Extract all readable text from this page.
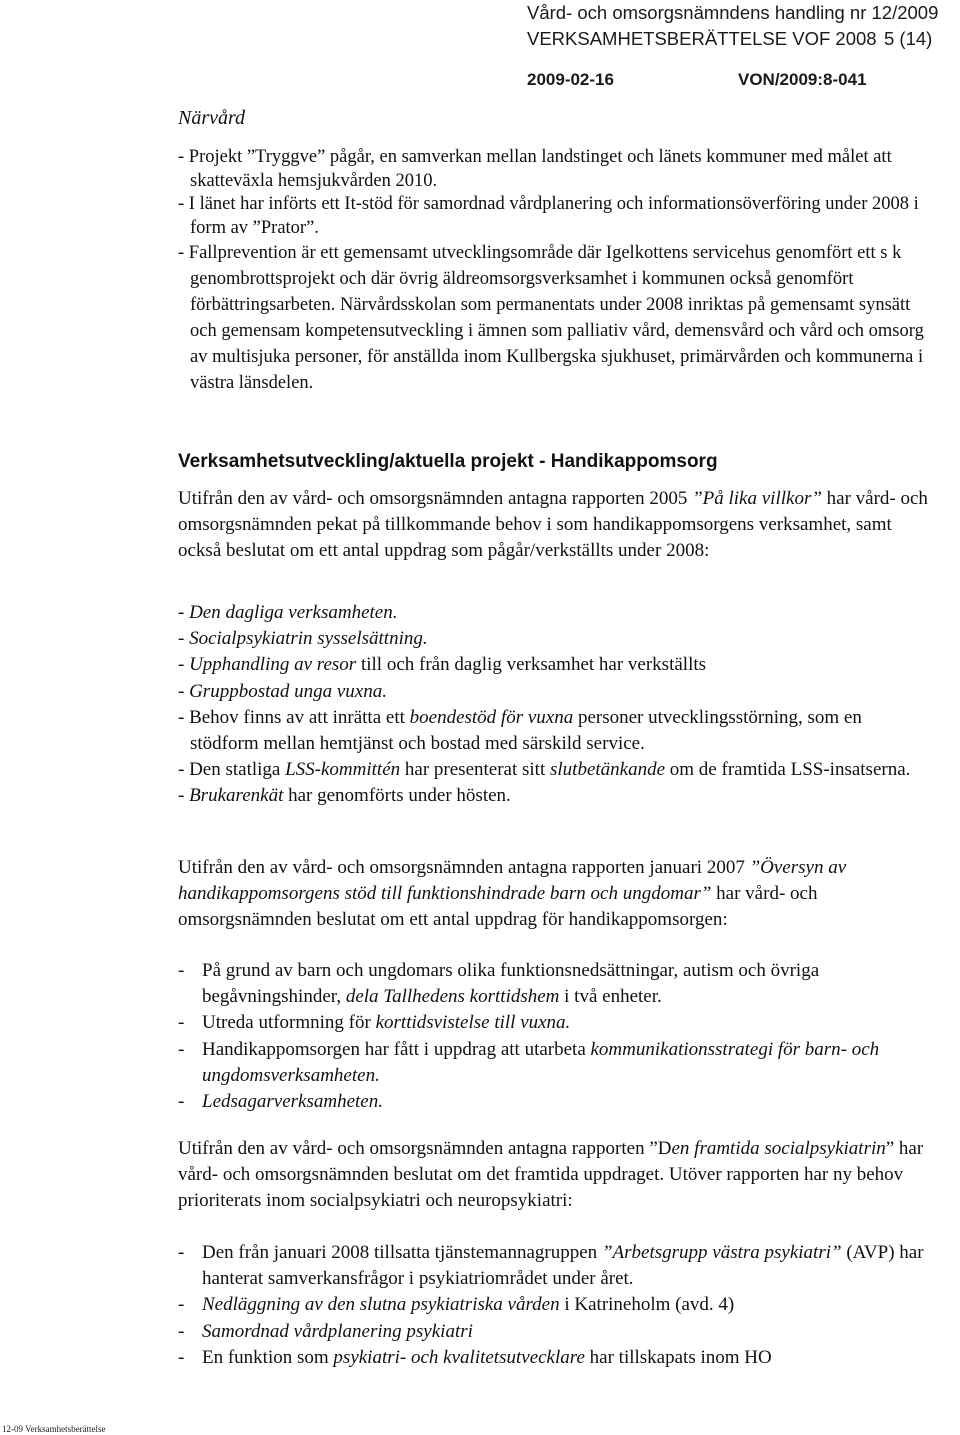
Vård- och omsorgsnämndens handling nr 12/2009
VERKSAMHETSBERÄTTELSE VOF 2008 5 (14)
2009-02-16	VON/2009:8-041
Närvård

- Projekt ”Tryggve” pågår, en samverkan mellan landstinget och länets kommuner med målet att skatteväxla hemsjukvården 2010.

- I länet har införts ett It-stöd för samordnad vårdplanering och informationsöverföring under 2008 i form av ”Prator”.

- Fallprevention är ett gemensamt utvecklingsområde där Igelkottens servicehus genomfört ett s k genombrottsprojekt och där övrig äldreomsorgsverksamhet i kommunen också genomfört förbättringsarbeten. Närvårdsskolan som permanentats under 2008 inriktas på gemensamt synsätt och gemensam kompetensutveckling i ämnen som palliativ vård, demensvård och vård och omsorg av multisjuka personer, för anställda inom Kullbergska sjukhuset, primärvården och kommunerna i västra länsdelen.

Verksamhetsutveckling/aktuella projekt - Handikappomsorg

Utifrån den av vård- och omsorgsnämnden antagna rapporten 2005 ”På lika villkor” har vård- och omsorgsnämnden pekat på tillkommande behov i som handikappomsorgens verksamhet, samt också beslutat om ett antal uppdrag som pågår/verkställts under 2008:

- Den dagliga verksamheten.

- Socialpsykiatrin sysselsättning.

- Upphandling av resor till och från daglig verksamhet har verkställts

- Gruppbostad unga vuxna.

- Behov finns av att inrätta ett boendestöd för vuxna personer utvecklingsstörning, som en stödform mellan hemtjänst och bostad med särskild service.

- Den statliga LSS-kommittén har presenterat sitt slutbetänkande om de framtida LSS-insatserna.

- Brukarenkät har genomförts under hösten.

Utifrån den av vård- och omsorgsnämnden antagna rapporten januari 2007 ”Översyn av handikappomsorgens stöd till funktionshindrade barn och ungdomar” har vård- och omsorgsnämnden beslutat om ett antal uppdrag för handikappomsorgen:

- På grund av barn och ungdomars olika funktionsnedsättningar, autism och övriga begåvningshinder, dela Tallhedens korttidshem i två enheter.

- Utreda utformning för korttidsvistelse till vuxna.

- Handikappomsorgen har fått i uppdrag att utarbeta kommunikationsstrategi för barn- och ungdomsverksamheten.

- Ledsagarverksamheten.

Utifrån den av vård- och omsorgsnämnden antagna rapporten ”Den framtida socialpsykiatrin” har vård- och omsorgsnämnden beslutat om det framtida uppdraget. Utöver rapporten har ny behov prioriterats inom socialpsykiatri och neuropsykiatri:

- Den från januari 2008 tillsatta tjänstemannagruppen ”Arbetsgrupp västra psykiatri” (AVP) har hanterat samverkansfrågor i psykiatriområdet under året.

- Nedläggning av den slutna psykiatriska vården i Katrineholm (avd. 4)

- Samordnad vårdplanering psykiatri

- En funktion som psykiatri- och kvalitetsutvecklare har tillskapats inom HO

12-09 Verksamhetsberättelse
